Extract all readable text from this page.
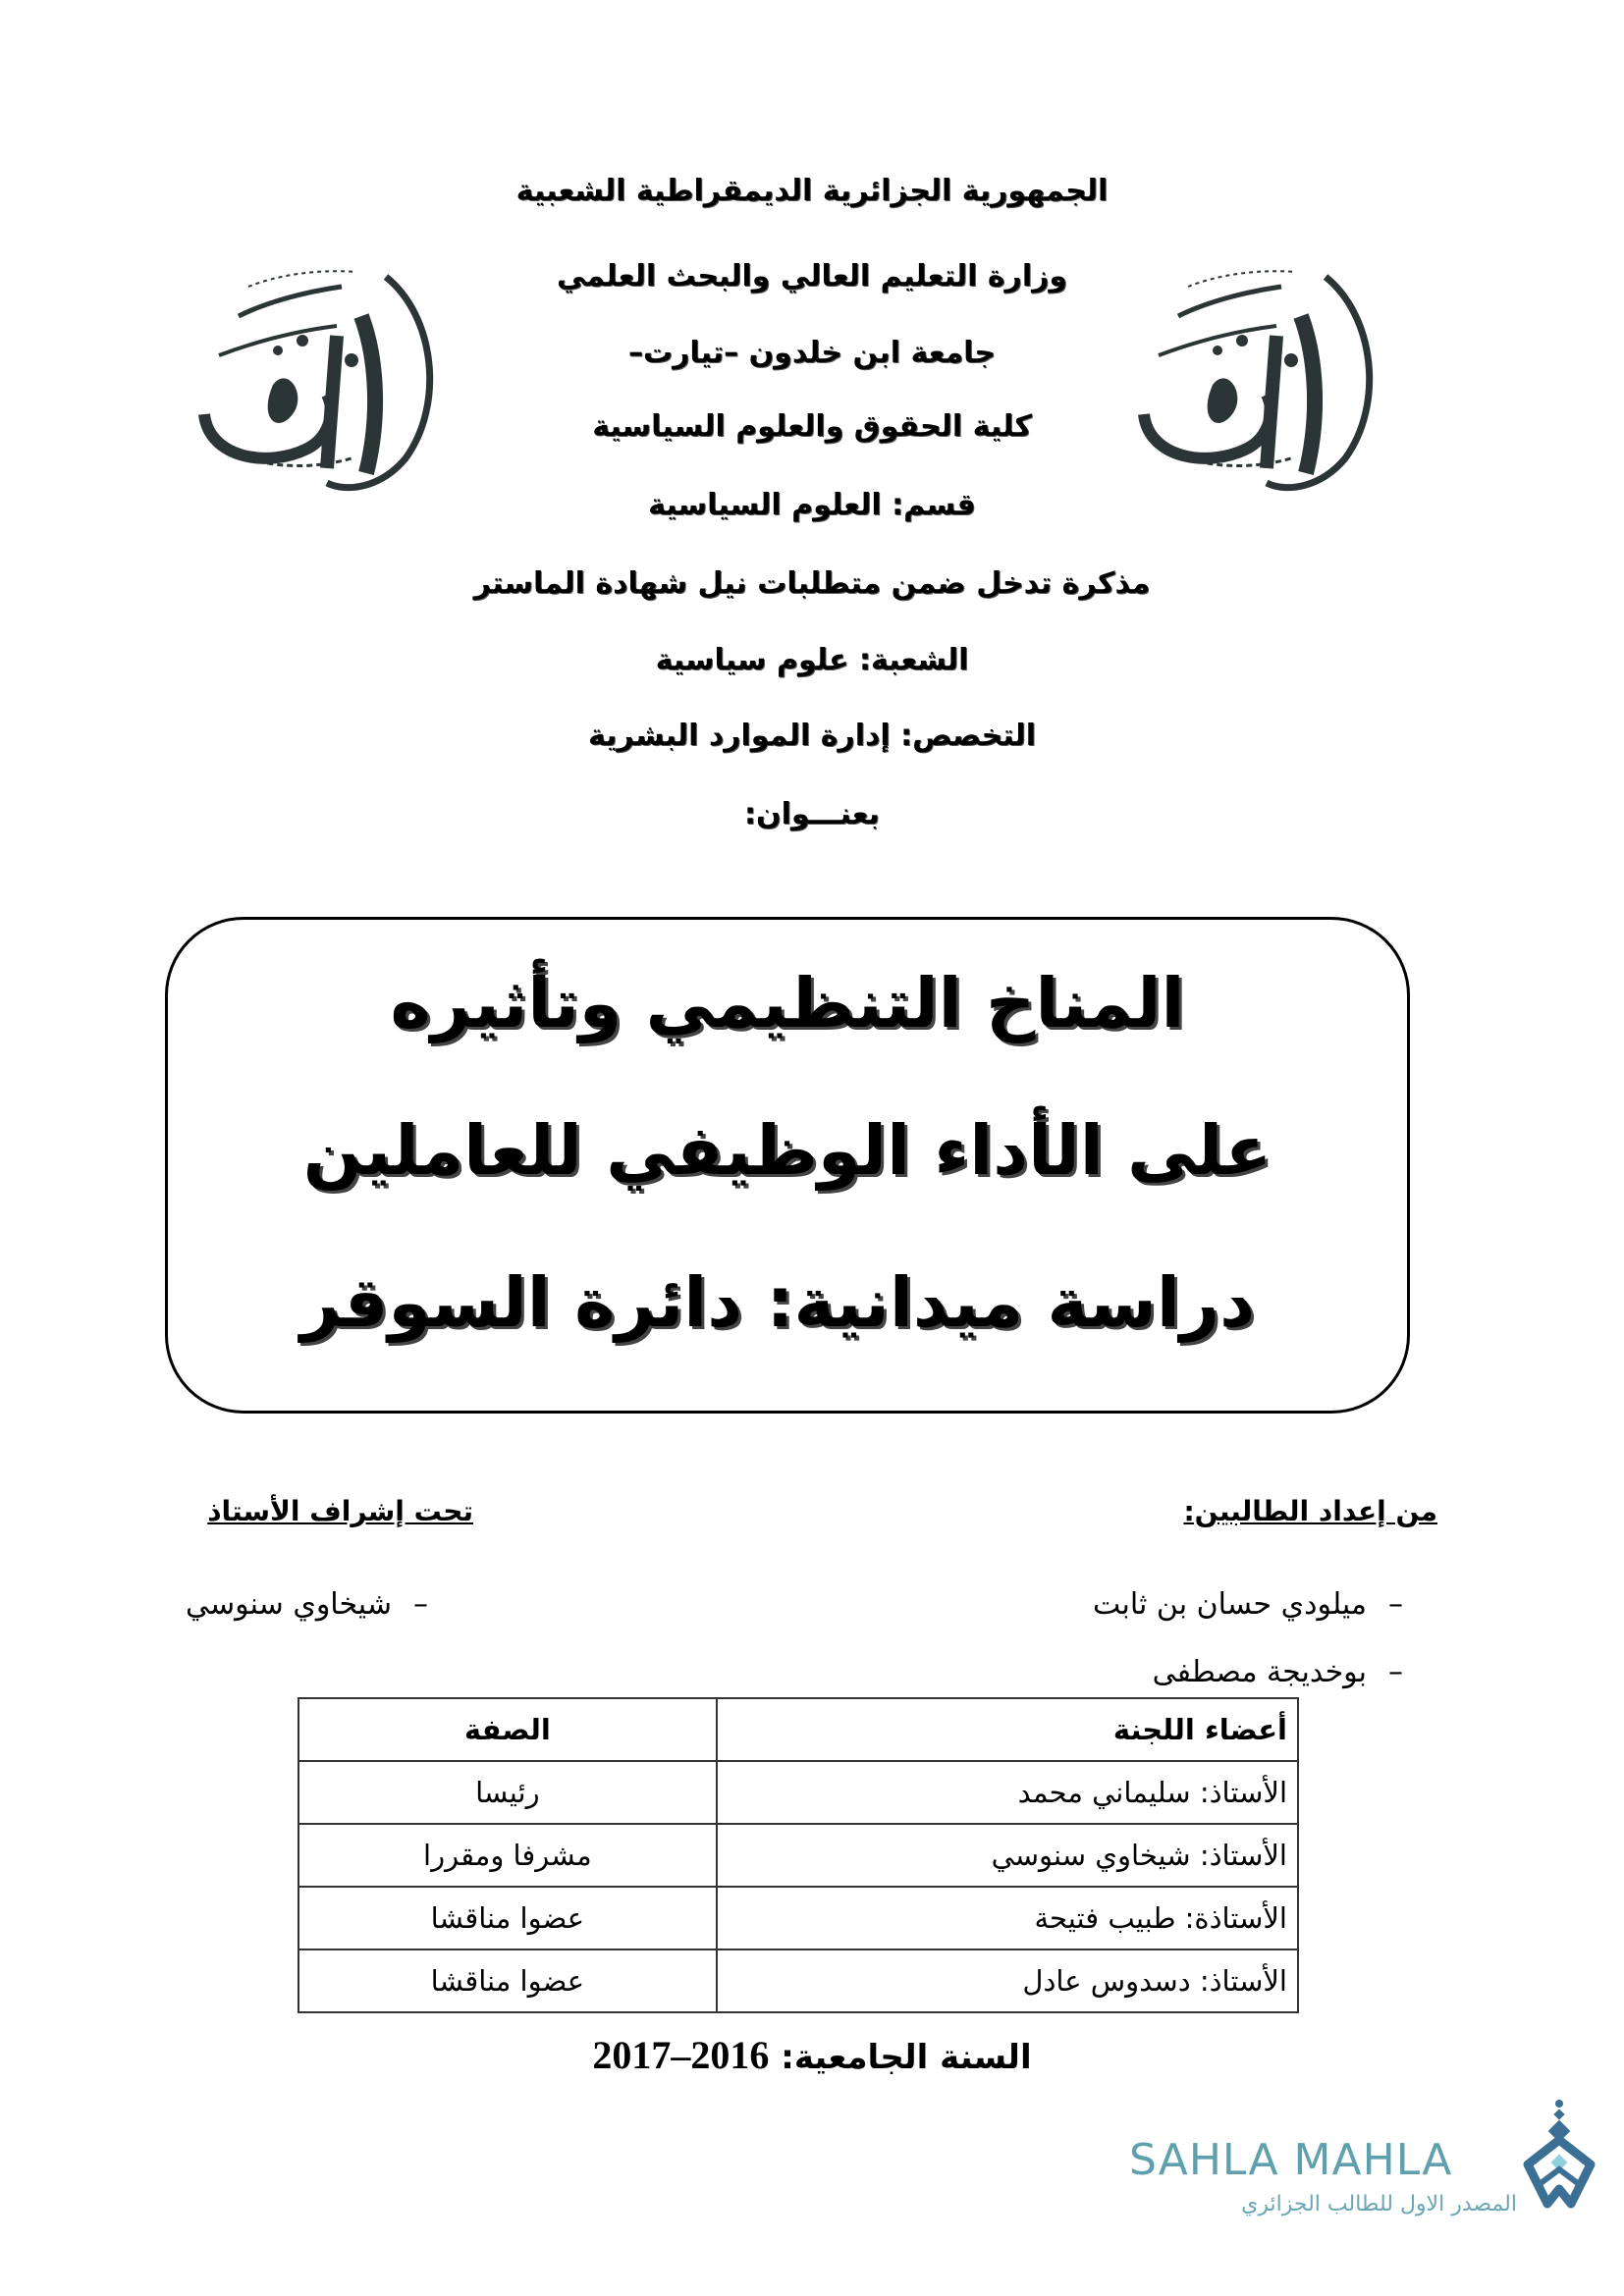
الجمهورية الجزائرية الديمقراطية الشعبية
وزارة التعليم العالي والبحث العلمي
جامعة ابن خلدون –تيارت–
كلية الحقوق والعلوم السياسية
قسم: العلوم السياسية
مذكرة تدخل ضمن متطلبات نيل شهادة الماستر
الشعبة: علوم سياسية
التخصص: إدارة الموارد البشرية
بعنـــوان:
المناخ التنظيمي وتأثيره
على الأداء الوظيفي للعاملين
دراسة ميدانية: دائرة السوقر
من إعداد الطالبين:
–ميلودي حسان بن ثابت
–بوخديجة مصطفى
تحت إشراف الأستاذ
–شيخاوي سنوسي
أعضاء اللجنة	الصفة
الأستاذ: سليماني محمد	رئيسا
الأستاذ: شيخاوي سنوسي	مشرفا ومقررا
الأستاذة: طبيب فتيحة	عضوا مناقشا
الأستاذ: دسدوس عادل	عضوا مناقشا
السنة الجامعية: 2016–2017
SAHLA MAHLA
المصدر الاول للطالب الجزائري
